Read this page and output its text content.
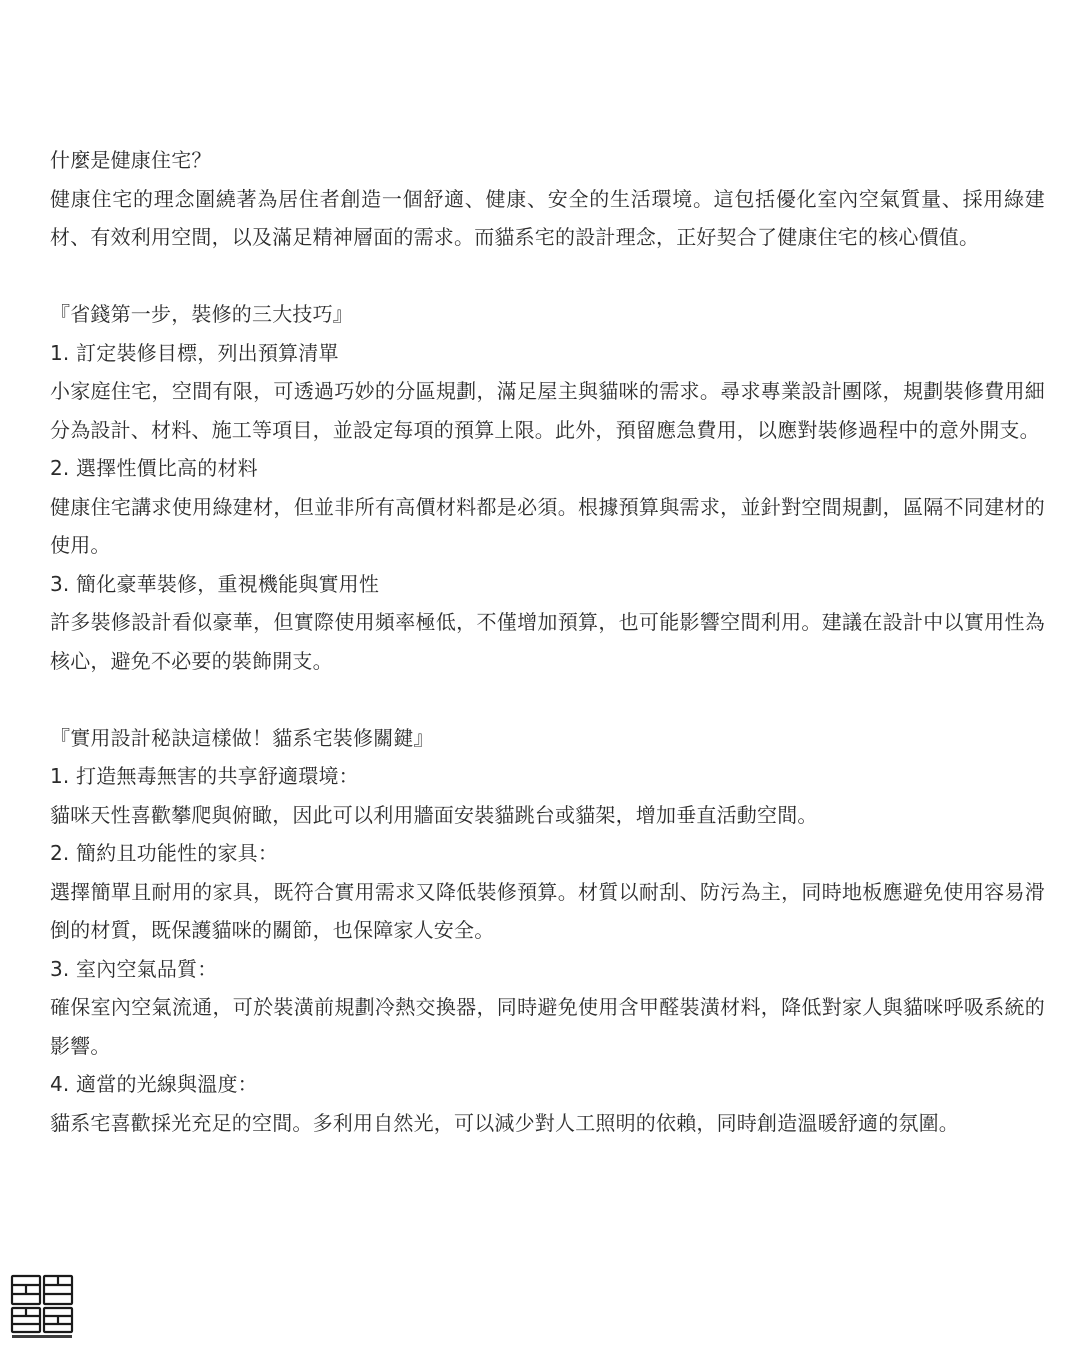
什麼是健康住宅？
健康住宅的理念圍繞著為居住者創造一個舒適、健康、安全的生活環境。這包括優化室內空氣質量、採用綠建材、有效利用空間，以及滿足精神層面的需求。而貓系宅的設計理念，正好契合了健康住宅的核心價值。
『省錢第一步，裝修的三大技巧』
1. 訂定裝修目標，列出預算清單
小家庭住宅，空間有限，可透過巧妙的分區規劃，滿足屋主與貓咪的需求。尋求專業設計團隊，規劃裝修費用細分為設計、材料、施工等項目，並設定每項的預算上限。此外，預留應急費用，以應對裝修過程中的意外開支。
2. 選擇性價比高的材料
健康住宅講求使用綠建材，但並非所有高價材料都是必須。根據預算與需求，並針對空間規劃，區隔不同建材的使用。
3. 簡化豪華裝修，重視機能與實用性
許多裝修設計看似豪華，但實際使用頻率極低，不僅增加預算，也可能影響空間利用。建議在設計中以實用性為核心，避免不必要的裝飾開支。
『實用設計秘訣這樣做！貓系宅裝修關鍵』
1. 打造無毒無害的共享舒適環境：
貓咪天性喜歡攀爬與俯瞰，因此可以利用牆面安裝貓跳台或貓架，增加垂直活動空間。
2. 簡約且功能性的家具：
選擇簡單且耐用的家具，既符合實用需求又降低裝修預算。材質以耐刮、防污為主，同時地板應避免使用容易滑倒的材質，既保護貓咪的關節，也保障家人安全。
3. 室內空氣品質：
確保室內空氣流通，可於裝潢前規劃冷熱交換器，同時避免使用含甲醛裝潢材料，降低對家人與貓咪呼吸系統的影響。
4. 適當的光線與溫度：
貓系宅喜歡採光充足的空間。多利用自然光，可以減少對人工照明的依賴，同時創造溫暖舒適的氛圍。
